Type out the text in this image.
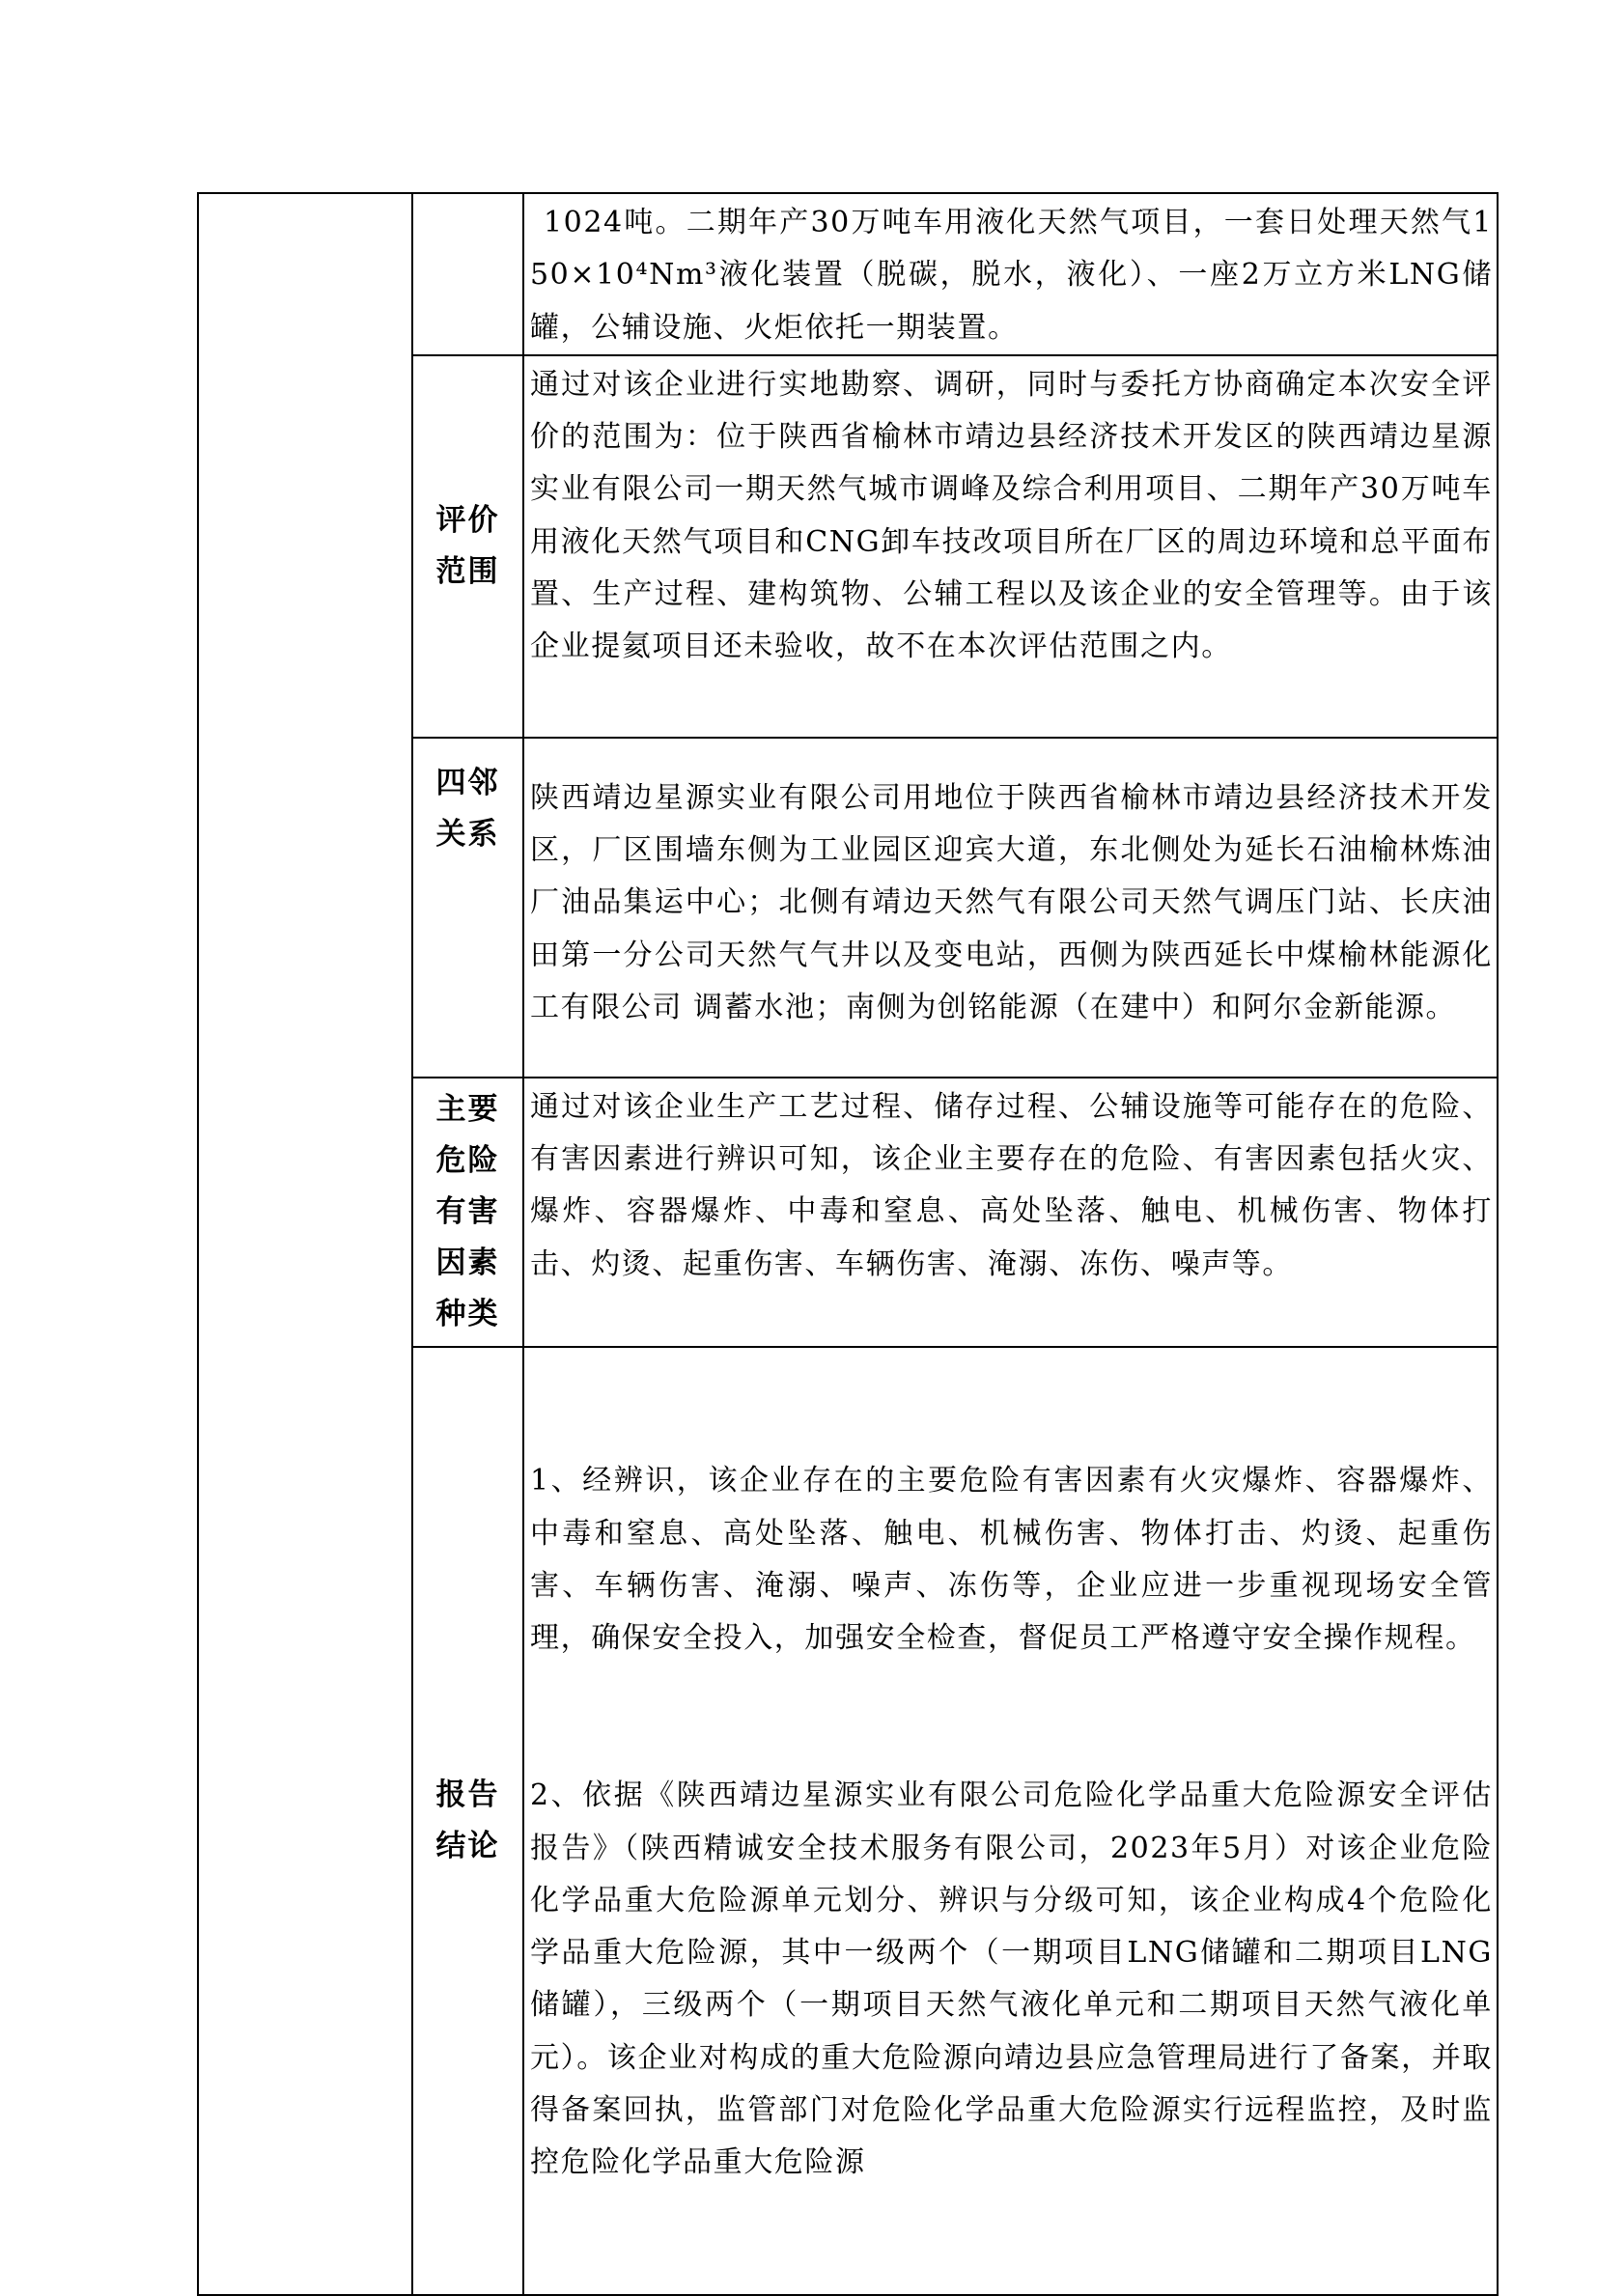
		1024吨。二期年产30万吨车用液化天然气项目，一套日处理天然气150×10⁴Nm³液化装置（脱碳，脱水，液化）、一座2万立方米LNG储罐，公辅设施、火炬依托一期装置。

	评价范围	通过对该企业进行实地勘察、调研，同时与委托方协商确定本次安全评价的范围为：位于陕西省榆林市靖边县经济技术开发区的陕西靖边星源实业有限公司一期天然气城市调峰及综合利用项目、二期年产30万吨车用液化天然气项目和CNG卸车技改项目所在厂区的周边环境和总平面布置、生产过程、建构筑物、公辅工程以及该企业的安全管理等。由于该企业提氦项目还未验收，故不在本次评估范围之内。

	四邻关系	陕西靖边星源实业有限公司用地位于陕西省榆林市靖边县经济技术开发区，厂区围墙东侧为工业园区迎宾大道，东北侧处为延长石油榆林炼油厂油品集运中心；北侧有靖边天然气有限公司天然气调压门站、长庆油田第一分公司天然气气井以及变电站，西侧为陕西延长中煤榆林能源化工有限公司 调蓄水池；南侧为创铭能源（在建中）和阿尔金新能源。

	主要危险有害因素种类	通过对该企业生产工艺过程、储存过程、公辅设施等可能存在的危险、有害因素进行辨识可知，该企业主要存在的危险、有害因素包括火灾、爆炸、容器爆炸、中毒和窒息、高处坠落、触电、机械伤害、物体打击、灼烫、起重伤害、车辆伤害、淹溺、冻伤、噪声等。

	报告结论	1、经辨识，该企业存在的主要危险有害因素有火灾爆炸、容器爆炸、中毒和窒息、高处坠落、触电、机械伤害、物体打击、灼烫、起重伤害、车辆伤害、淹溺、噪声、冻伤等，企业应进一步重视现场安全管理，确保安全投入，加强安全检查，督促员工严格遵守安全操作规程。

2、依据《陕西靖边星源实业有限公司危险化学品重大危险源安全评估报告》（陕西精诚安全技术服务有限公司，2023年5月）对该企业危险化学品重大危险源单元划分、辨识与分级可知，该企业构成4个危险化学品重大危险源，其中一级两个（一期项目LNG储罐和二期项目LNG储罐），三级两个（一期项目天然气液化单元和二期项目天然气液化单元）。该企业对构成的重大危险源向靖边县应急管理局进行了备案，并取得备案回执，监管部门对危险化学品重大危险源实行远程监控，及时监控危险化学品重大危险源
